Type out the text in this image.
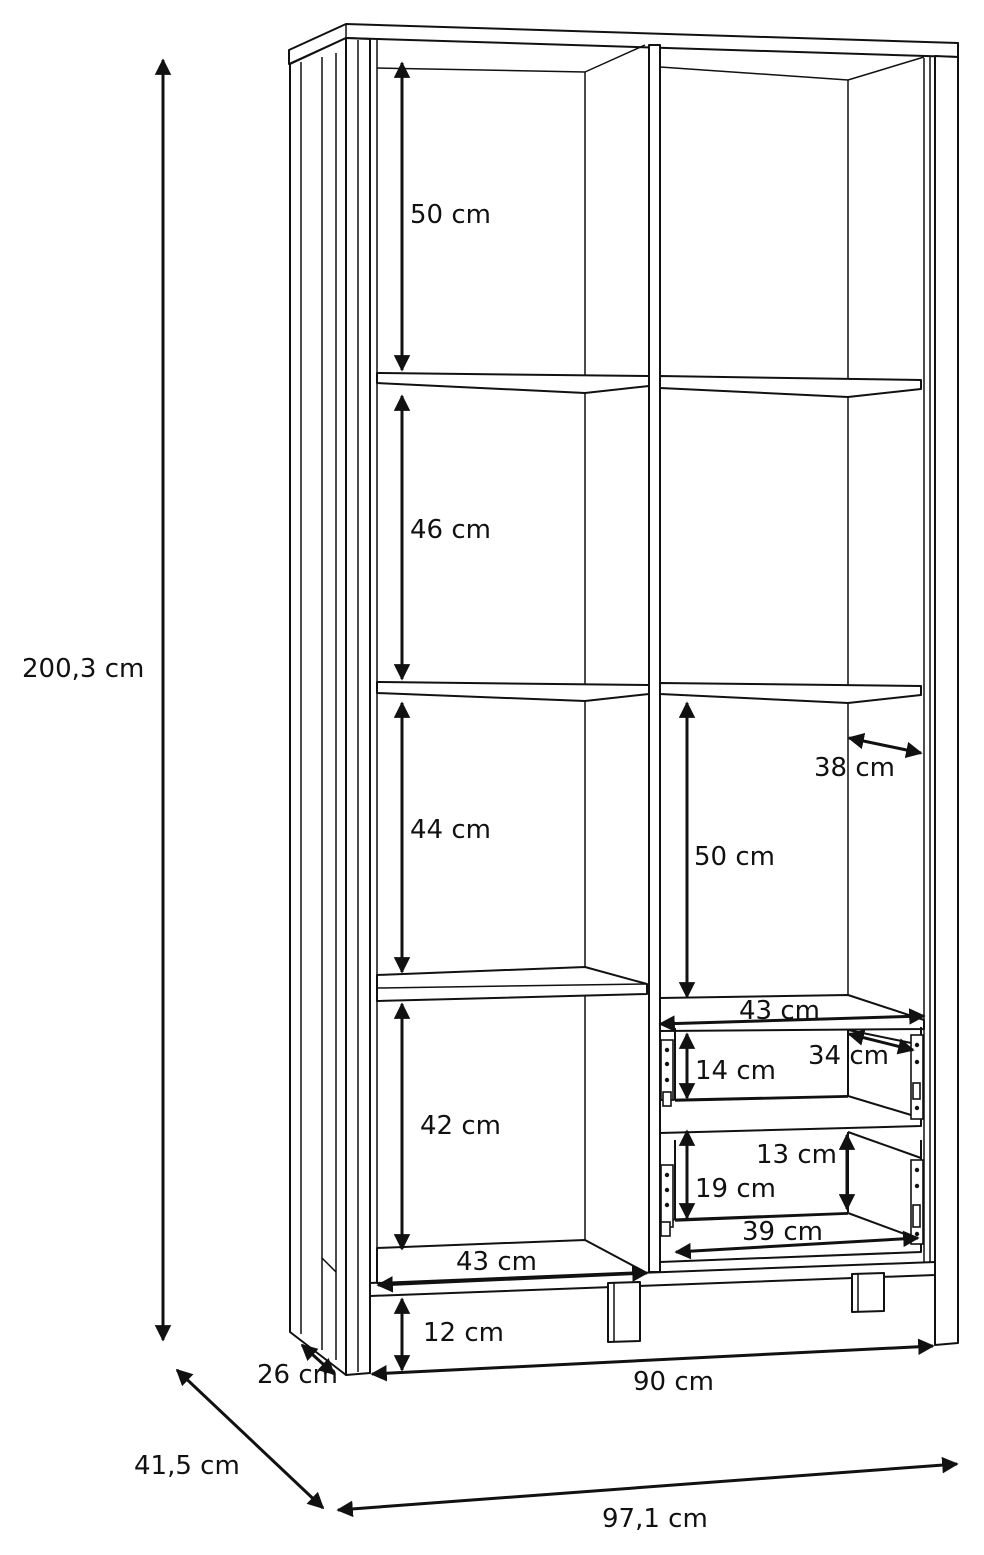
200,3 cm
41,5 cm
97,1 cm
90 cm
26 cm
12 cm
50 cm
46 cm
44 cm
42 cm
43 cm
50 cm
38 cm
43 cm
34 cm
14 cm
19 cm
13 cm
39 cm
